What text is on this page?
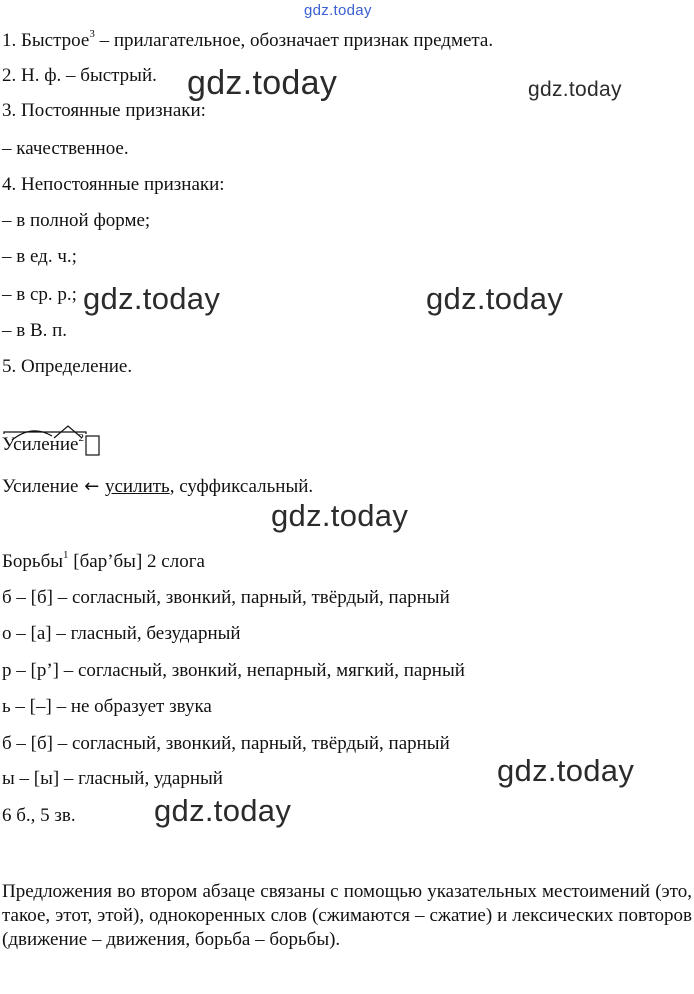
gdz.today
gdz.today	gdz.today
gdz.today	gdz.today
gdz.today
gdz.today
gdz.today
1. Быстрое$^3$ – прилагательное, обозначает признак предмета.
2. Н. ф. – быстрый.
3. Постоянные признаки:
– качественное.
4. Непостоянные признаки:
– в полной форме;
– в ед. ч.;
– в ср. р.;
– в В. п.
5. Определение.
Усиление$^2$
Усиление ← усилить, суффиксальный.
Борьбы$^1$ [бар’бы] 2 слога
б – [б] – согласный, звонкий, парный, твёрдый, парный
о – [а] – гласный, безударный
р – [р’] – согласный, звонкий, непарный, мягкий, парный
ь – [–] – не образует звука
б – [б] – согласный, звонкий, парный, твёрдый, парный
ы – [ы] – гласный, ударный
6 б., 5 зв.
Предложения во втором абзаце связаны с помощью указательных местоимений (это, такое, этот, этой), однокоренных слов (сжимаются – сжатие) и лексических повторов (движение – движения, борьба – борьбы).
